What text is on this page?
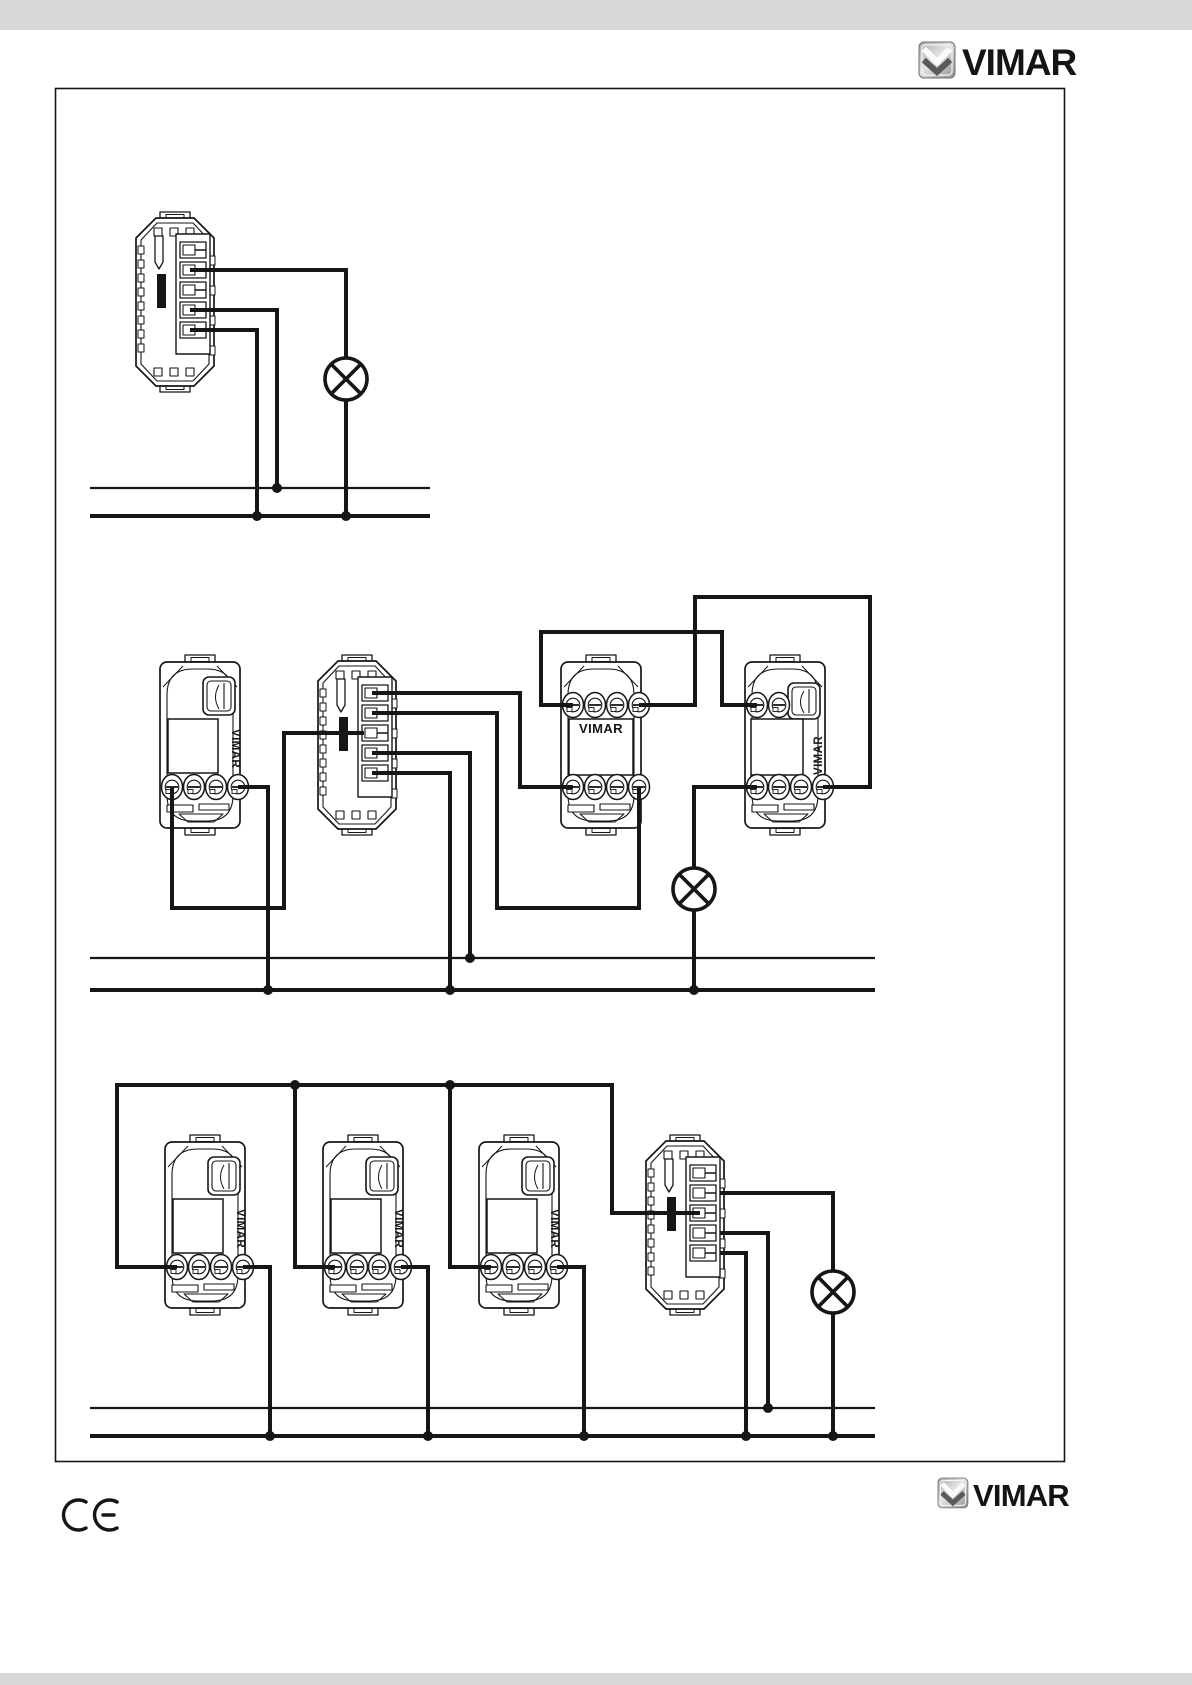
VIMAR
VIMAR
VIMAR
VIMAR
VIMAR	VIMAR	VIMAR
VIMAR
